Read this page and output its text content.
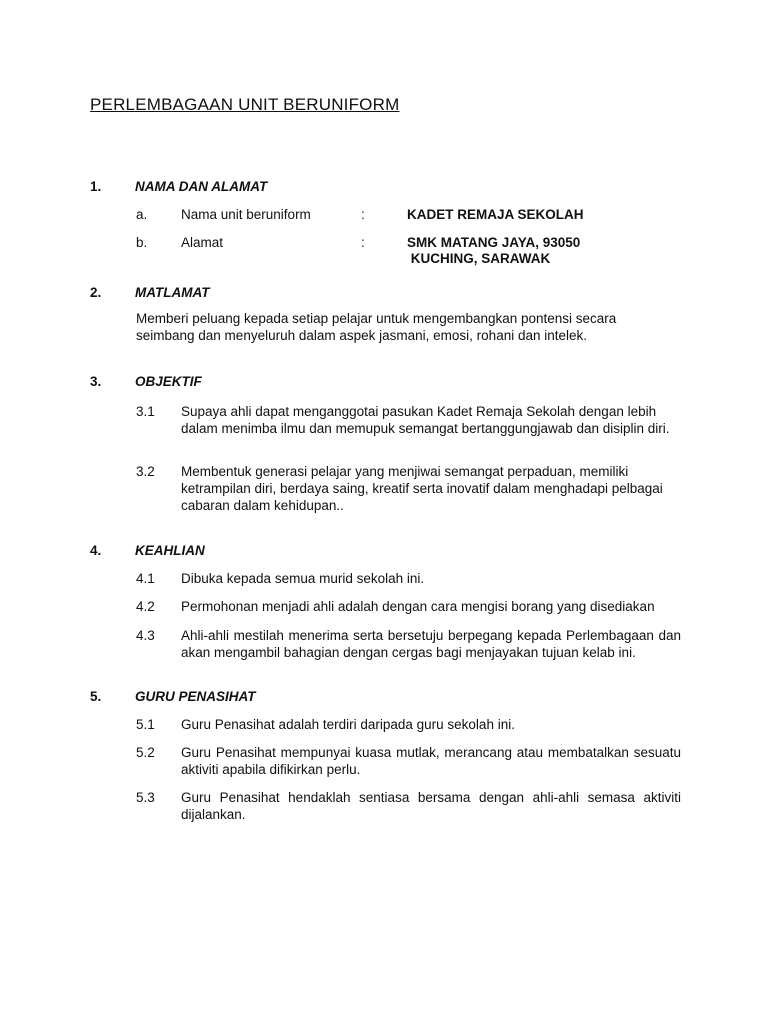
PERLEMBAGAAN UNIT BERUNIFORM
1. NAMA DAN ALAMAT
a. Nama unit beruniform	:	KADET REMAJA SEKOLAH
b. Alamat	:	SMK MATANG JAYA, 93050
KUCHING, SARAWAK
2. MATLAMAT
Memberi peluang kepada setiap pelajar untuk mengembangkan pontensi secara seimbang dan menyeluruh dalam aspek jasmani, emosi, rohani dan intelek.
3. OBJEKTIF
3.1 Supaya ahli dapat menganggotai pasukan Kadet Remaja Sekolah dengan lebih dalam menimba ilmu dan memupuk semangat bertanggungjawab dan disiplin diri.
3.2 Membentuk generasi pelajar yang menjiwai semangat perpaduan, memiliki ketrampilan diri, berdaya saing, kreatif serta inovatif dalam menghadapi pelbagai cabaran dalam kehidupan..
4. KEAHLIAN
4.1 Dibuka kepada semua murid sekolah ini.
4.2 Permohonan menjadi ahli adalah dengan cara mengisi borang yang disediakan
4.3 Ahli-ahli mestilah menerima serta bersetuju berpegang kepada Perlembagaan dan akan mengambil bahagian dengan cergas bagi menjayakan tujuan kelab ini.
5. GURU PENASIHAT
5.1 Guru Penasihat adalah terdiri daripada guru sekolah ini.
5.2 Guru Penasihat mempunyai kuasa mutlak, merancang atau membatalkan sesuatu aktiviti apabila difikirkan perlu.
5.3 Guru Penasihat hendaklah sentiasa bersama dengan ahli-ahli semasa aktiviti dijalankan.
